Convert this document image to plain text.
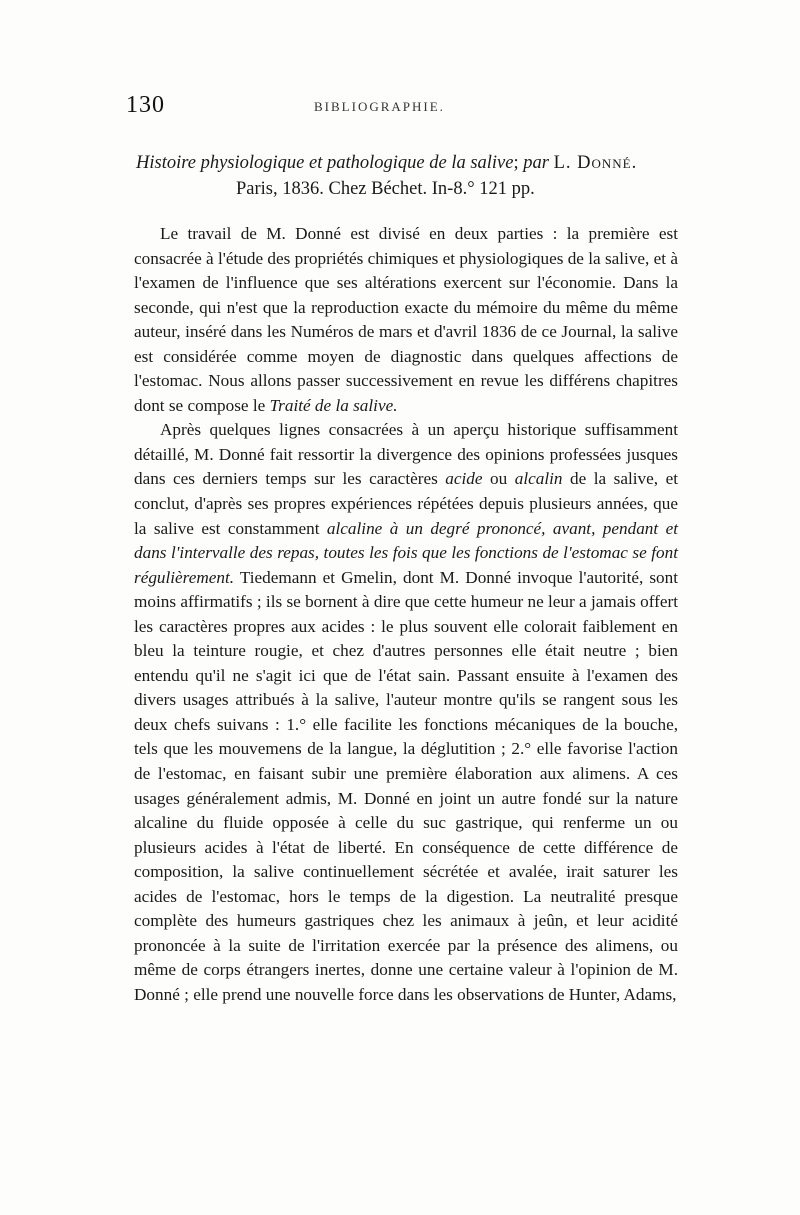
130	BIBLIOGRAPHIE.
Histoire physiologique et pathologique de la salive; par L. Donné.
Paris, 1836. Chez Béchet. In-8.° 121 pp.

Le travail de M. Donné est divisé en deux parties : la première est consacrée à l'étude des propriétés chimiques et physiologiques de la salive, et à l'examen de l'influence que ses altérations exercent sur l'économie. Dans la seconde, qui n'est que la reproduction exacte du mémoire du même du même auteur, inséré dans les Numéros de mars et d'avril 1836 de ce Journal, la salive est considérée comme moyen de diagnostic dans quelques affections de l'estomac. Nous allons passer successivement en revue les différens chapitres dont se compose le Traité de la salive.

Après quelques lignes consacrées à un aperçu historique suffisamment détaillé, M. Donné fait ressortir la divergence des opinions professées jusques dans ces derniers temps sur les caractères acide ou alcalin de la salive, et conclut, d'après ses propres expériences répétées depuis plusieurs années, que la salive est constamment alcaline à un degré prononcé, avant, pendant et dans l'intervalle des repas, toutes les fois que les fonctions de l'estomac se font régulièrement. Tiedemann et Gmelin, dont M. Donné invoque l'autorité, sont moins affirmatifs ; ils se bornent à dire que cette humeur ne leur a jamais offert les caractères propres aux acides : le plus souvent elle colorait faiblement en bleu la teinture rougie, et chez d'autres personnes elle était neutre ; bien entendu qu'il ne s'agit ici que de l'état sain. Passant ensuite à l'examen des divers usages attribués à la salive, l'auteur montre qu'ils se rangent sous les deux chefs suivans : 1.° elle facilite les fonctions mécaniques de la bouche, tels que les mouvemens de la langue, la déglutition ; 2.° elle favorise l'action de l'estomac, en faisant subir une première élaboration aux alimens. A ces usages généralement admis, M. Donné en joint un autre fondé sur la nature alcaline du fluide opposée à celle du suc gastrique, qui renferme un ou plusieurs acides à l'état de liberté. En conséquence de cette différence de composition, la salive continuellement sécrétée et avalée, irait saturer les acides de l'estomac, hors le temps de la digestion. La neutralité presque complète des humeurs gastriques chez les animaux à jeûn, et leur acidité prononcée à la suite de l'irritation exercée par la présence des alimens, ou même de corps étrangers inertes, donne une certaine valeur à l'opinion de M. Donné ; elle prend une nouvelle force dans les observations de Hunter, Adams,
